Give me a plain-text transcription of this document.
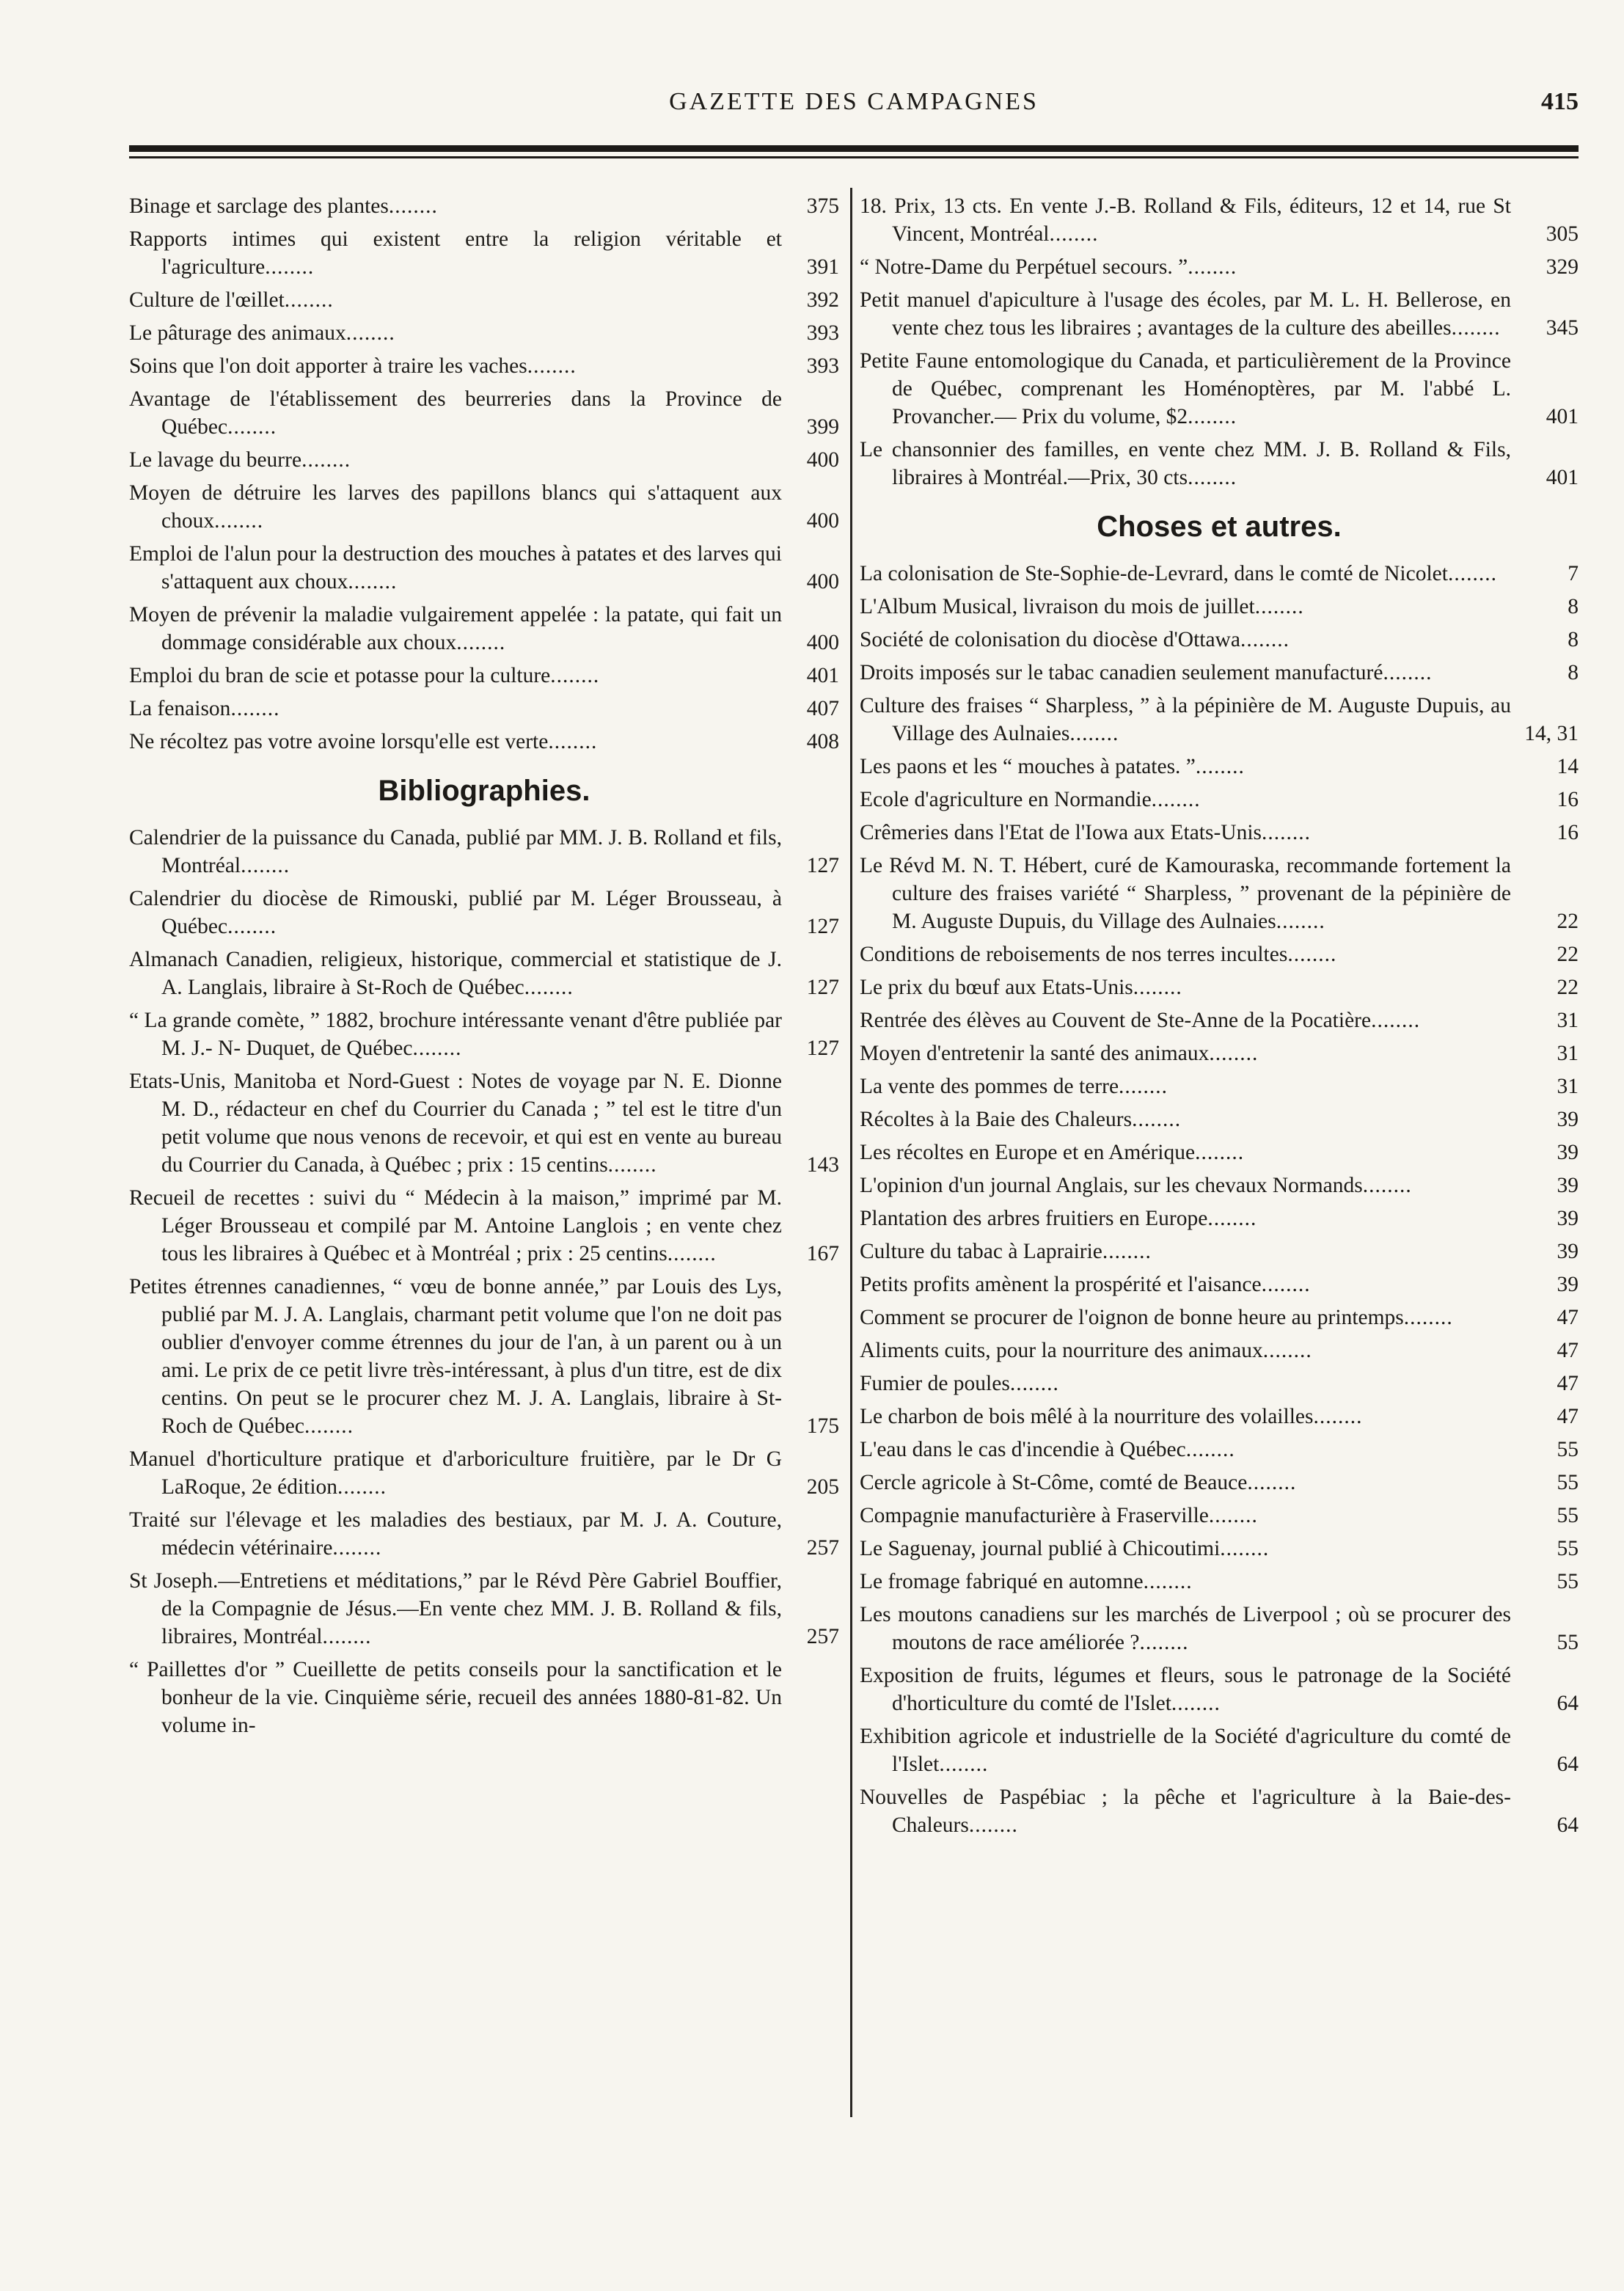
GAZETTE DES CAMPAGNES	415
Binage et sarclage des plantes........	375
Rapports intimes qui existent entre la religion véritable et l'agriculture........	391
Culture de l'œillet........	392
Le pâturage des animaux........	393
Soins que l'on doit apporter à traire les vaches........	393
Avantage de l'établissement des beurreries dans la Province de Québec........	399
Le lavage du beurre........	400
Moyen de détruire les larves des papillons blancs qui s'attaquent aux choux........	400
Emploi de l'alun pour la destruction des mouches à patates et des larves qui s'attaquent aux choux........	400
Moyen de prévenir la maladie vulgairement appelée : la patate, qui fait un dommage considérable aux choux........	400
Emploi du bran de scie et potasse pour la culture........	401
La fenaison........	407
Ne récoltez pas votre avoine lorsqu'elle est verte........	408
Bibliographies.
Calendrier de la puissance du Canada, publié par MM. J. B. Rolland et fils, Montréal........	127
Calendrier du diocèse de Rimouski, publié par M. Léger Brousseau, à Québec........	127
Almanach Canadien, religieux, historique, commercial et statistique de J. A. Langlais, libraire à St-Roch de Québec........	127
“ La grande comète, ” 1882, brochure intéressante venant d'être publiée par M. J.- N- Duquet, de Québec........	127
Etats-Unis, Manitoba et Nord-Guest : Notes de voyage par N. E. Dionne M. D., rédacteur en chef du Courrier du Canada ; ” tel est le titre d'un petit volume que nous venons de recevoir, et qui est en vente au bureau du Courrier du Canada, à Québec ; prix : 15 centins........	143
Recueil de recettes : suivi du “ Médecin à la maison,” imprimé par M. Léger Brousseau et compilé par M. Antoine Langlois ; en vente chez tous les libraires à Québec et à Montréal ; prix : 25 centins........	167
Petites étrennes canadiennes, “ vœu de bonne année,” par Louis des Lys, publié par M. J. A. Langlais, charmant petit volume que l'on ne doit pas oublier d'envoyer comme étrennes du jour de l'an, à un parent ou à un ami. Le prix de ce petit livre très-intéressant, à plus d'un titre, est de dix centins. On peut se le procurer chez M. J. A. Langlais, libraire à St-Roch de Québec........	175
Manuel d'horticulture pratique et d'arboriculture fruitière, par le Dr G LaRoque, 2e édition........	205
Traité sur l'élevage et les maladies des bestiaux, par M. J. A. Couture, médecin vétérinaire........	257
St Joseph.—Entretiens et méditations,” par le Révd Père Gabriel Bouffier, de la Compagnie de Jésus.—En vente chez MM. J. B. Rolland & fils, libraires, Montréal........	257
“ Paillettes d'or ” Cueillette de petits conseils pour la sanctification et le bonheur de la vie. Cinquième série, recueil des années 1880-81-82. Un volume in-
18. Prix, 13 cts. En vente J.-B. Rolland & Fils, éditeurs, 12 et 14, rue St Vincent, Montréal........	305
“ Notre-Dame du Perpétuel secours. ”........	329
Petit manuel d'apiculture à l'usage des écoles, par M. L. H. Bellerose, en vente chez tous les libraires ; avantages de la culture des abeilles........ 345
Petite Faune entomologique du Canada, et particulièrement de la Province de Québec, comprenant les Homénoptères, par M. l'abbé L. Provancher.— Prix du volume, $2........	401
Le chansonnier des familles, en vente chez MM. J. B. Rolland & Fils, libraires à Montréal.—Prix, 30 cts........	401
Choses et autres.
La colonisation de Ste-Sophie-de-Levrard, dans le comté de Nicolet........	7
L'Album Musical, livraison du mois de juillet........	8
Société de colonisation du diocèse d'Ottawa........	8
Droits imposés sur le tabac canadien seulement manufacturé........	8
Culture des fraises “ Sharpless, ” à la pépinière de M. Auguste Dupuis, au Village des Aulnaies........	14, 31
Les paons et les “ mouches à patates. ”........	14
Ecole d'agriculture en Normandie........	16
Crêmeries dans l'Etat de l'Iowa aux Etats-Unis........	16
Le Révd M. N. T. Hébert, curé de Kamouraska, recommande fortement la culture des fraises variété “ Sharpless, ” provenant de la pépinière de M. Auguste Dupuis, du Village des Aulnaies........	22
Conditions de reboisements de nos terres incultes........	22
Le prix du bœuf aux Etats-Unis........	22
Rentrée des élèves au Couvent de Ste-Anne de la Pocatière........	31
Moyen d'entretenir la santé des animaux........	31
La vente des pommes de terre........	31
Récoltes à la Baie des Chaleurs........	39
Les récoltes en Europe et en Amérique........	39
L'opinion d'un journal Anglais, sur les chevaux Normands........	39
Plantation des arbres fruitiers en Europe........	39
Culture du tabac à Laprairie........	39
Petits profits amènent la prospérité et l'aisance........	39
Comment se procurer de l'oignon de bonne heure au printemps........	47
Aliments cuits, pour la nourriture des animaux........	47
Fumier de poules........	47
Le charbon de bois mêlé à la nourriture des volailles........	47
L'eau dans le cas d'incendie à Québec........	55
Cercle agricole à St-Côme, comté de Beauce........	55
Compagnie manufacturière à Fraserville........	55
Le Saguenay, journal publié à Chicoutimi........	55
Le fromage fabriqué en automne........	55
Les moutons canadiens sur les marchés de Liverpool ; où se procurer des moutons de race améliorée ?........	55
Exposition de fruits, légumes et fleurs, sous le patronage de la Société d'horticulture du comté de l'Islet........	64
Exhibition agricole et industrielle de la Société d'agriculture du comté de l'Islet........	64
Nouvelles de Paspébiac ; la pêche et l'agriculture à la Baie-des-Chaleurs........	64
